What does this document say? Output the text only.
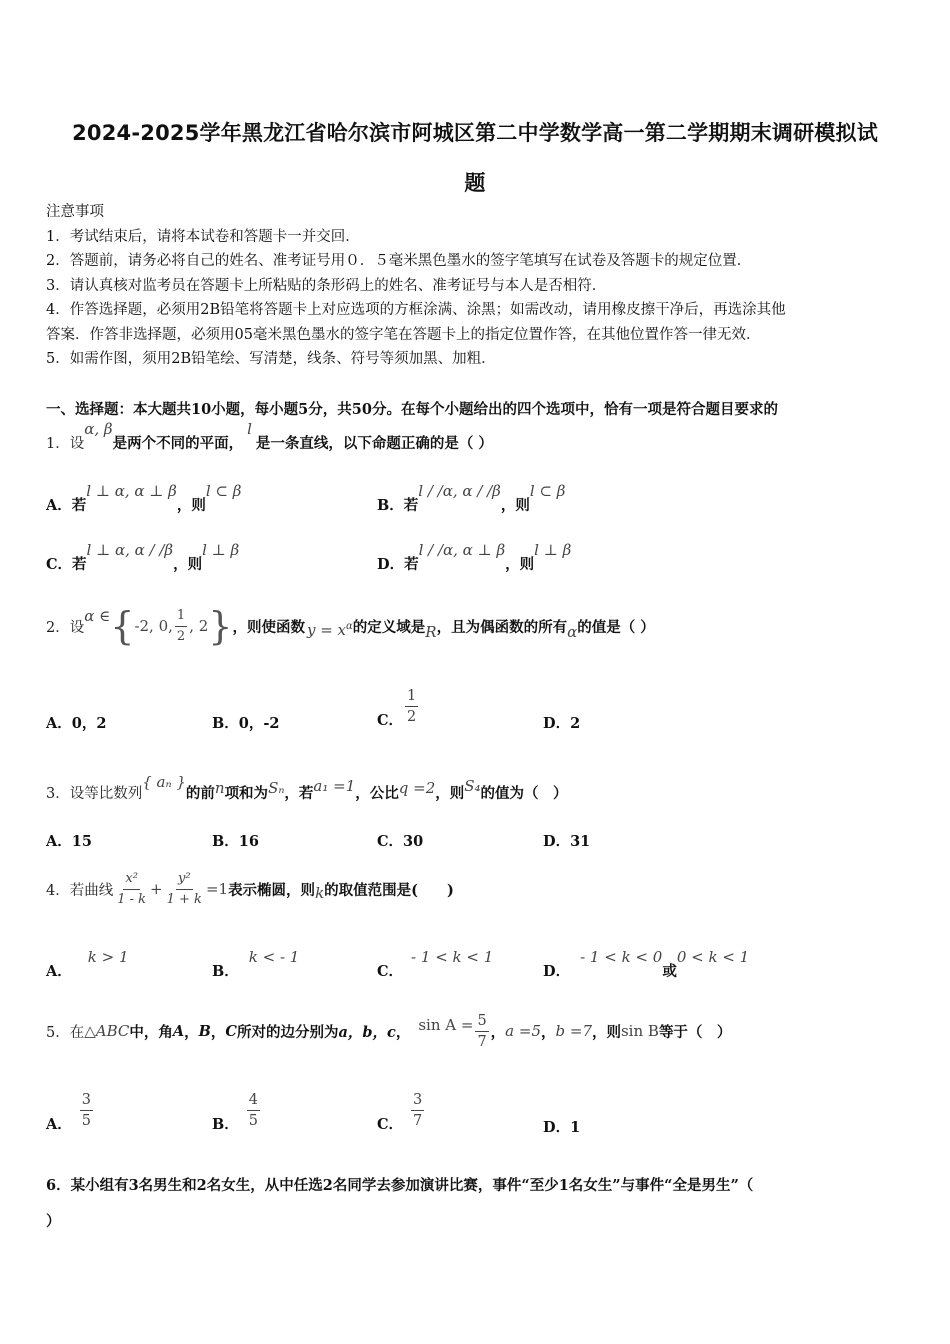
2024-2025学年黑龙江省哈尔滨市阿城区第二中学数学高一第二学期期末调研模拟试
题
注意事项
1．考试结束后，请将本试卷和答题卡一并交回．
2．答题前，请务必将自己的姓名、准考证号用０．５毫米黑色墨水的签字笔填写在试卷及答题卡的规定位置．
3．请认真核对监考员在答题卡上所粘贴的条形码上的姓名、准考证号与本人是否相符．
4．作答选择题，必须用2B铅笔将答题卡上对应选项的方框涂满、涂黑；如需改动，请用橡皮擦干净后，再选涂其他
答案．作答非选择题，必须用05毫米黑色墨水的签字笔在答题卡上的指定位置作答，在其他位置作答一律无效．
5．如需作图，须用2B铅笔绘、写清楚，线条、符号等须加黑、加粗．
一、选择题：本大题共10小题，每小题5分，共50分。在每个小题给出的四个选项中，恰有一项是符合题目要求的
1．设
α, β
是两个不同的平面，
l
是一条直线，以下命题正确的是（ ）
A．若
l ⊥ α, α ⊥ β
，则
l ⊂ β
B．若
l / /α, α / /β
，则
l ⊂ β
C．若
l ⊥ α, α / /β
，则
l ⊥ β
D．若
l / /α, α ⊥ β
，则
l ⊥ β
2．设
α ∈ { -2, 0, $\frac{1}{2}$ , 2 } ，则使函数 $y = x^\alpha$ 的定义域是 R ，且为偶函数的所有 α 的值是（ ）
A．0，2	B．0，-2	C． $\frac{1}{2}$	D．2
3．设等比数列
{ aₙ }
的前 n 项和为 Sₙ ，若 a₁ =1 ，公比 q =2 ，则 S₄ 的值为（　）
A．15	B．16	C．30	D．31
4．若曲线 $\frac{\text{x²}}{1 - k} + \frac{\text{y²}}{1 + k} =1$ 表示椭圆，则 k 的取值范围是(　　)
A．
k > 1
B．
k < - 1
C．
- 1 < k < 1
D．
- 1 < k < 0
或
0 < k < 1
5．在 △ABC 中，角 A ， B ， C 所对的边分别为 a，b，c ， $\sin A = \frac{5}{7}$ ， a =5 ， b =7 ，则 sin B 等于（　）
A． $\frac{3}{5}$	B． $\frac{4}{5}$	C． $\frac{3}{7}$	D．1
6．某小组有3名男生和2名女生，从中任选2名同学去参加演讲比赛，事件“至少1名女生”与事件“全是男生”（
）
